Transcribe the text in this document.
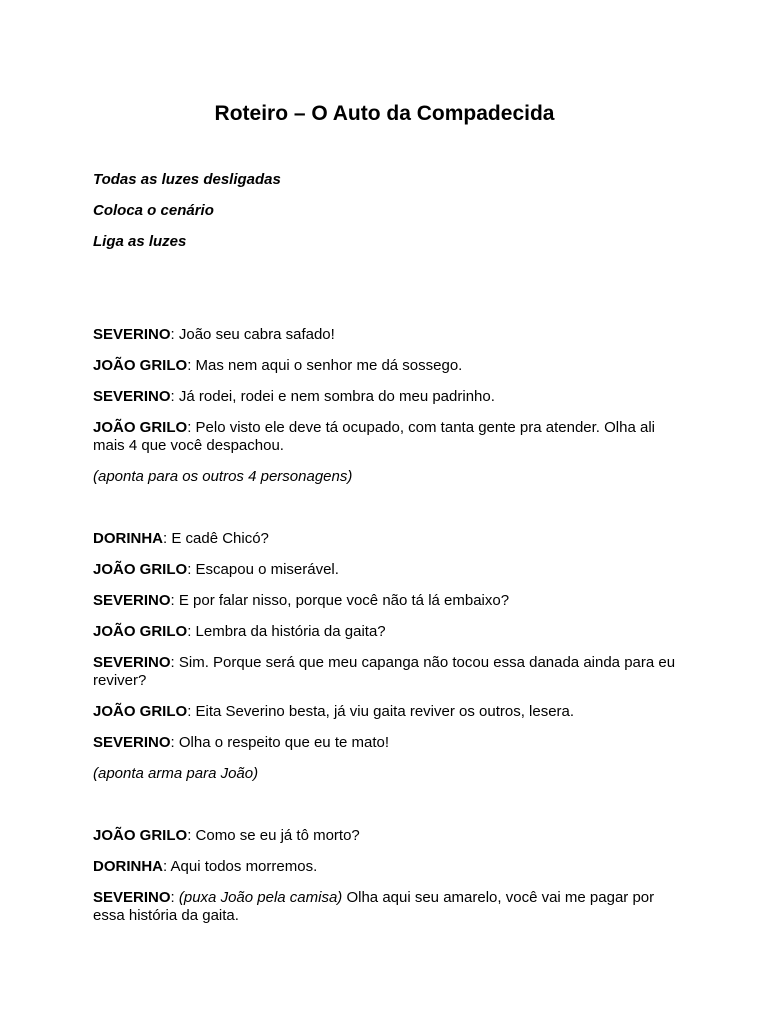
Roteiro – O Auto da Compadecida

Todas as luzes desligadas

Coloca o cenário

Liga as luzes

SEVERINO: João seu cabra safado!

JOÃO GRILO: Mas nem aqui o senhor me dá sossego.

SEVERINO: Já rodei, rodei e nem sombra do meu padrinho.

JOÃO GRILO: Pelo visto ele deve tá ocupado, com tanta gente pra atender. Olha ali mais 4 que você despachou.

(aponta para os outros 4 personagens)

DORINHA: E cadê Chicó?

JOÃO GRILO: Escapou o miserável.

SEVERINO: E por falar nisso, porque você não tá lá embaixo?

JOÃO GRILO: Lembra da história da gaita?

SEVERINO: Sim. Porque será que meu capanga não tocou essa danada ainda para eu reviver?

JOÃO GRILO: Eita Severino besta, já viu gaita reviver os outros, lesera.

SEVERINO: Olha o respeito que eu te mato!

(aponta arma para João)

JOÃO GRILO: Como se eu já tô morto?

DORINHA: Aqui todos morremos.

SEVERINO: (puxa João pela camisa) Olha aqui seu amarelo, você vai me pagar por essa história da gaita.
